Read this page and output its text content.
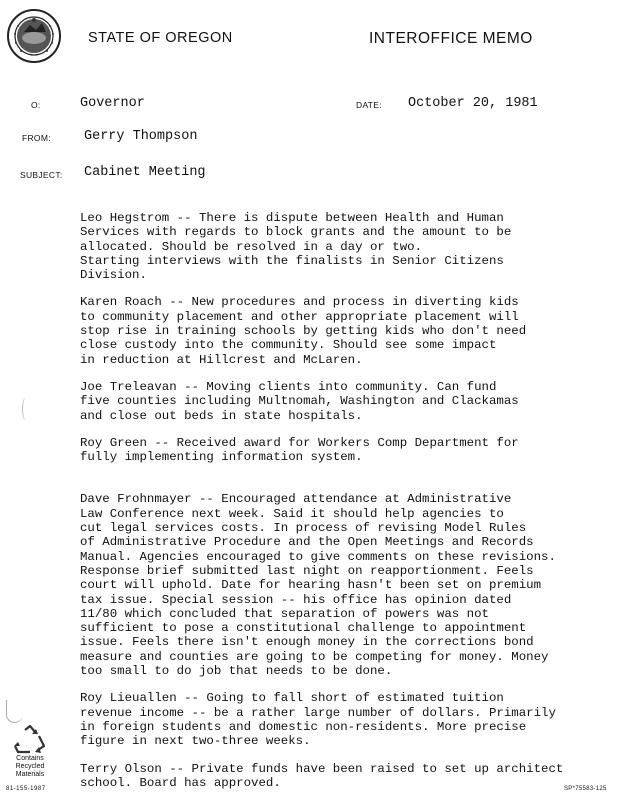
STATE OF OREGON	INTEROFFICE MEMO
O:	Governor	DATE: October 20, 1981
FROM: Gerry Thompson
SUBJECT: Cabinet Meeting

Leo Hegstrom -- There is dispute between Health and Human
Services with regards to block grants and the amount to be
allocated. Should be resolved in a day or two.
Starting interviews with the finalists in Senior Citizens
Division.

Karen Roach -- New procedures and process in diverting kids
to community placement and other appropriate placement will
stop rise in training schools by getting kids who don't need
close custody into the community. Should see some impact
in reduction at Hillcrest and McLaren.

Joe Treleavan -- Moving clients into community. Can fund
five counties including Multnomah, Washington and Clackamas
and close out beds in state hospitals.

Roy Green -- Received award for Workers Comp Department for
fully implementing information system.

Dave Frohnmayer -- Encouraged attendance at Administrative
Law Conference next week. Said it should help agencies to
cut legal services costs. In process of revising Model Rules
of Administrative Procedure and the Open Meetings and Records
Manual. Agencies encouraged to give comments on these revisions.
Response brief submitted last night on reapportionment. Feels
court will uphold. Date for hearing hasn't been set on premium
tax issue. Special session -- his office has opinion dated
11/80 which concluded that separation of powers was not
sufficient to pose a constitutional challenge to appointment
issue. Feels there isn't enough money in the corrections bond
measure and counties are going to be competing for money. Money
too small to do job that needs to be done.

Roy Lieuallen -- Going to fall short of estimated tuition
revenue income -- be a rather large number of dollars. Primarily
in foreign students and domestic non-residents. More precise
figure in next two-three weeks.

Terry Olson -- Private funds have been raised to set up architect
school. Board has approved.

Contains Recycled Materials
81-155-1987	SP*75583-125
